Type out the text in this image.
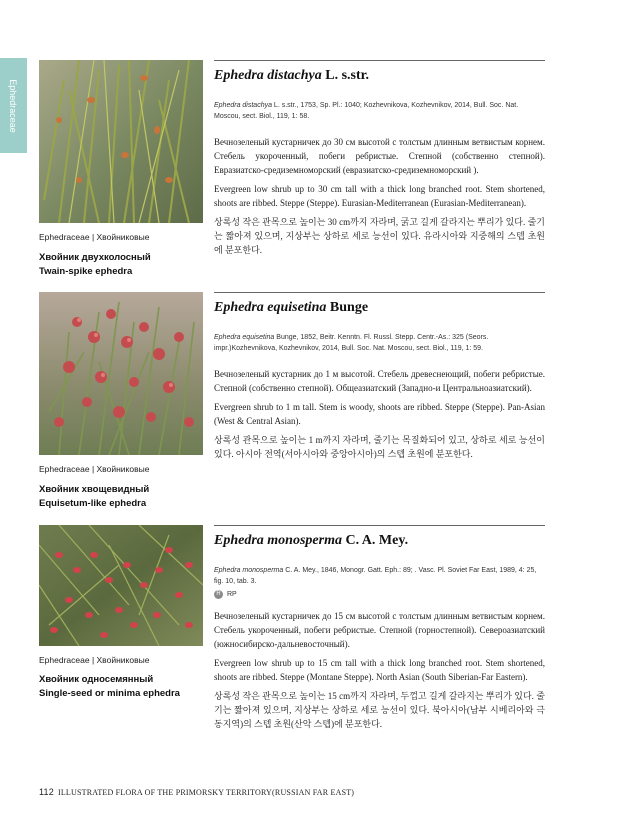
Ephedraceae
Ephedraceae | Хвойниковые
Хвойник двухколосный
Twain-spike ephedra
Ephedra distachya L. s.str.
Ephedra distachya L. s.str., 1753, Sp. Pl.: 1040; Kozhevnikova, Kozhevnikov, 2014, Bull. Soc. Nat. Moscou, sect. Biol., 119, 1: 58.

Вечнозеленый кустарничек до 30 см высотой с толстым длинным ветвистым корнем. Стебель укороченный, побеги ребристые. Степной (собственно степной). Евразиатско-средиземноморский (евразиатско-средиземноморский ).

Evergreen low shrub up to 30 cm tall with a thick long branched root. Stem shortened, shoots are ribbed. Steppe (Steppe). Eurasian-Mediterranean (Eurasian-Mediterranean).

상록성 작은 관목으로 높이는 30 cm까지 자라며, 굵고 길게 갈라지는 뿌리가 있다. 줄기는 짧아져 있으며, 지상부는 상하로 세로 능선이 있다. 유라시아와 지중해의 스텝 초원에 분포한다.

Ephedraceae | Хвойниковые
Хвойник хвощевидный
Equisetum-like ephedra
Ephedra equisetina Bunge
Ephedra equisetina Bunge, 1852, Beitr. Kenntn. Fl. Russl. Stepp. Centr.-As.: 325 (Seors. impr.)Kozhevnikova, Kozhevnikov, 2014, Bull. Soc. Nat. Moscou, sect. Biol., 119, 1: 59.

Вечнозеленый кустарник до 1 м высотой. Стебель древеснеющий, побеги ребристые. Степной (собственно степной). Общеазиатский (Западно-и Центральноазиатский).

Evergreen shrub to 1 m tall. Stem is woody, shoots are ribbed. Steppe (Steppe). Pan-Asian (West & Central Asian).

상록성 관목으로 높이는 1 m까지 자라며, 줄기는 목질화되어 있고, 상하로 세로 능선이 있다. 아시아 전역(서아시아와 중앙아시아)의 스텝 초원에 분포한다.

Ephedraceae | Хвойниковые
Хвойник односемянный
Single-seed or minima ephedra
Ephedra monosperma C. A. Mey.
Ephedra monosperma C. A. Mey., 1846, Monogr. Gatt. Eph.: 89; . Vasc. Pl. Soviet Far East, 1989, 4: 25, fig. 10, tab. 3.
R RP

Вечнозеленый кустарничек до 15 см высотой с толстым длинным ветвистым корнем. Стебель укороченный, побеги ребристые. Степной (горностепной). Североазиатский (южносибирско-дальневосточный).

Evergreen low shrub up to 15 cm tall with a thick long branched root. Stem shortened, shoots are ribbed. Steppe (Montane Steppe). North Asian (South Siberian-Far Eastern).

상록성 작은 관목으로 높이는 15 cm까지 자라며, 두껍고 길게 갈라지는 뿌리가 있다. 줄기는 짧아져 있으며, 지상부는 상하로 세로 능선이 있다. 북아시아(남부 시베리아와 극동지역)의 스텝 초원(산악 스텝)에 분포한다.

112 ILLUSTRATED FLORA OF THE PRIMORSKY TERRITORY(RUSSIAN FAR EAST)
